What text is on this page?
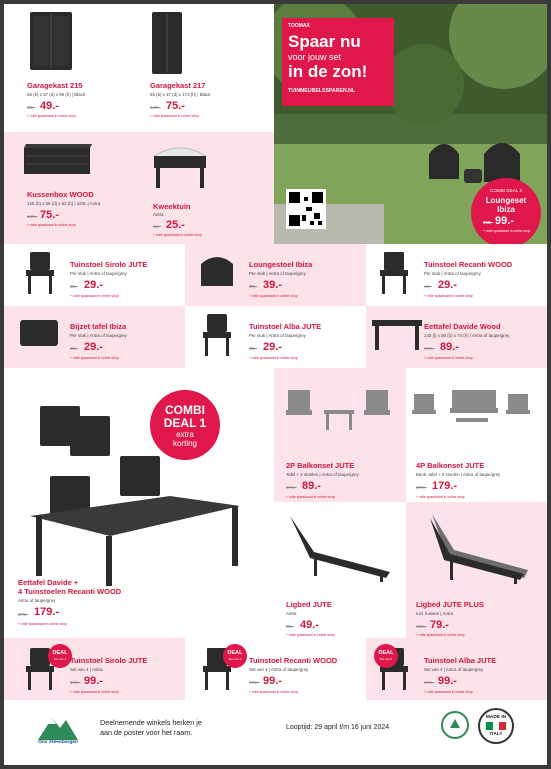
Garagekast 215
65 (b) x 37 (d) x 95 (h) | Black
55,- 49.-
+ volle spaarkaart in online shop
Garagekast 217
65 (b) x 37 (d) x 173 (h) | Black
140,- 75.-
+ volle spaarkaart in online shop
TOOMAX
Spaar nu
voor jouw set
in de zon!
TUINMEUBELSSPAREN.NL
COMBI DEAL 2
Loungeset
Ibiza
250,- 99.-
+ volle spaarkaart in online shop
Kussenbox WOOD
120 (b) x 56 (d) x 63 (h) | 420L | Antra
145,- 75.-
+ volle spaarkaart in online shop
Kweektuin
Antra
45,- 25.-
+ volle spaarkaart in online shop
Tuinstoel Sirolo JUTE
Per stuk | Antra of taupe/grey
35,- 29.-
+ volle spaarkaart in online shop
Loungestoel Ibiza
Per stuk | Antra of taupe/grey
79,- 39.-
+ volle spaarkaart in online shop
Tuinstoel Recanti WOOD
Per stuk | Antra of taupe/grey
49,- 29.-
+ volle spaarkaart in online shop
Bijzet tafel Ibiza
Per stuk | Antra of taupe/grey
65,- 29.-
+ volle spaarkaart in online shop
Tuinstoel Alba JUTE
Per stuk | Antra of taupe/grey
45,- 29.-
+ volle spaarkaart in online shop
Eettafel Davide Wood
140 (l) x 88 (b) x 74 (h) | Antra of taupe/grey
179,- 89.-
+ volle spaarkaart in online shop
COMBI
DEAL 1
extra
korting
Eettafel Davide +
4 Tuinstoelen Recanti WOOD
Antra of taupe/grey
375,- 179.-
+ volle spaarkaart in online shop
2P Balkonset JUTE
Tafel + 2 stoelen | Antra of taupe/grey
179,- 89.-
+ volle spaarkaart in online shop
4P Balkonset JUTE
Bank, tafel + 2 stoelen | Antra of taupe/grey
375,- 179.-
+ volle spaarkaart in online shop
Ligbed JUTE
Antra
95,- 49.-
+ volle spaarkaart in online shop
Ligbed JUTE PLUS
Incl. kussen | Antra
155,- 79.-
+ volle spaarkaart in online shop
DEAL
Set van 4 Tuinstoel Sirolo JUTE
Set van 4 | Antra
179,- 99.-
+ volle spaarkaart in online shop
DEAL
Set van 4	Tuinstoel Recanti WOOD
Set van 4 | Antra of taupe/grey
179,- 99.-
+ volle spaarkaart in online shop
DEAL
Set van 4	Tuinstoel Alba JUTE
Set van 4 | Antra of taupe/grey
179,- 99.-
+ volle spaarkaart in online shop
Ons Steenbergen
Deelnemende winkels herken je
aan de poster voor het raam.
Looptijd: 29 april t/m 16 juni 2024
MADE IN
ITALY
